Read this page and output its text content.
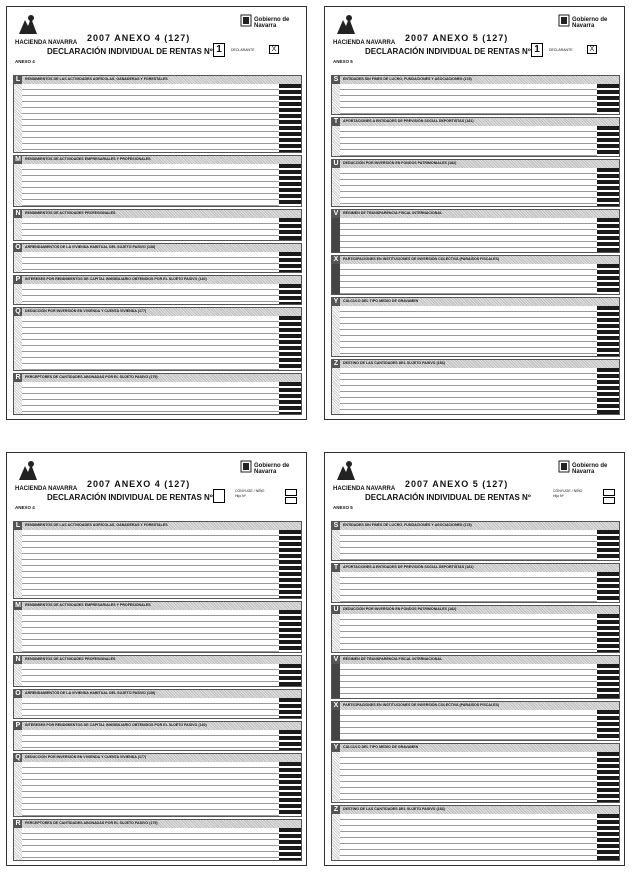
HACIENDA NAVARRA
Gobierno de Navarra
2007 ANEXO 4 (127)
DECLARACIÓN INDIVIDUAL DE RENTAS Nº
ANEXO 4
1	DECLARANTE	X
L	RENDIMIENTOS DE LAS ACTIVIDADES AGRÍCOLAS, GANADERAS Y FORESTALES
M RENDIMIENTOS DE ACTIVIDADES EMPRESARIALES Y PROFESIONALES
N	RENDIMIENTOS DE ACTIVIDADES PROFESIONALES
O	ARRENDAMIENTOS DE LA VIVIENDA HABITUAL DEL SUJETO PASIVO (138)
P	INTERESES POR RENDIMIENTOS DE CAPITAL INMOBILIARIO OBTENIDOS POR EL SUJETO PASIVO (140)
Q	DEDUCCIÓN POR INVERSIÓN EN VIVIENDA Y CUENTA VIVIENDA (177)
R	PERCEPTORES DE CANTIDADES ABONADAS POR EL SUJETO PASIVO (179)
HACIENDA NAVARRA
Gobierno de Navarra
2007 ANEXO 5 (127)
DECLARACIÓN INDIVIDUAL DE RENTAS Nº
ANEXO 5
1	DECLARANTE	X
S	ENTIDADES SIN FINES DE LUCRO, FUNDACIONES Y ASOCIACIONES (178)
T	APORTACIONES A ENTIDADES DE PREVISIÓN SOCIAL DEPORTISTAS (181)
U	DEDUCCIÓN POR INVERSIÓN EN FONDOS PATRIMONIALES (182)
V	RÉGIMEN DE TRANSPARENCIA FISCAL INTERNACIONAL
X	PARTICIPACIONES EN INSTITUCIONES DE INVERSIÓN COLECTIVA (PARAÍSOS FISCALES)
Y	CÁLCULO DEL TIPO MEDIO DE GRAVAMEN
Z	DESTINO DE LAS CANTIDADES DEL SUJETO PASIVO (183)
HACIENDA NAVARRA
Gobierno de Navarra
2007 ANEXO 4 (127)
DECLARACIÓN INDIVIDUAL DE RENTAS Nº
ANEXO 4
CÓNYUGE / NIÑO
Hijo Nº
L	RENDIMIENTOS DE LAS ACTIVIDADES AGRÍCOLAS, GANADERAS Y FORESTALES
M RENDIMIENTOS DE ACTIVIDADES EMPRESARIALES Y PROFESIONALES
N	RENDIMIENTOS DE ACTIVIDADES PROFESIONALES
O	ARRENDAMIENTOS DE LA VIVIENDA HABITUAL DEL SUJETO PASIVO (138)
P	INTERESES POR RENDIMIENTOS DE CAPITAL INMOBILIARIO OBTENIDOS POR EL SUJETO PASIVO (140)
Q	DEDUCCIÓN POR INVERSIÓN EN VIVIENDA Y CUENTA VIVIENDA (177)
R	PERCEPTORES DE CANTIDADES ABONADAS POR EL SUJETO PASIVO (179)
HACIENDA NAVARRA
Gobierno de Navarra
2007 ANEXO 5 (127)
DECLARACIÓN INDIVIDUAL DE RENTAS Nº
ANEXO 5
CÓNYUGE / NIÑO
Hijo Nº
S	ENTIDADES SIN FINES DE LUCRO, FUNDACIONES Y ASOCIACIONES (178)
T	APORTACIONES A ENTIDADES DE PREVISIÓN SOCIAL DEPORTISTAS (181)
U	DEDUCCIÓN POR INVERSIÓN EN FONDOS PATRIMONIALES (182)
V	RÉGIMEN DE TRANSPARENCIA FISCAL INTERNACIONAL
X	PARTICIPACIONES EN INSTITUCIONES DE INVERSIÓN COLECTIVA (PARAÍSOS FISCALES)
Y	CÁLCULO DEL TIPO MEDIO DE GRAVAMEN
Z	DESTINO DE LAS CANTIDADES DEL SUJETO PASIVO (183)
